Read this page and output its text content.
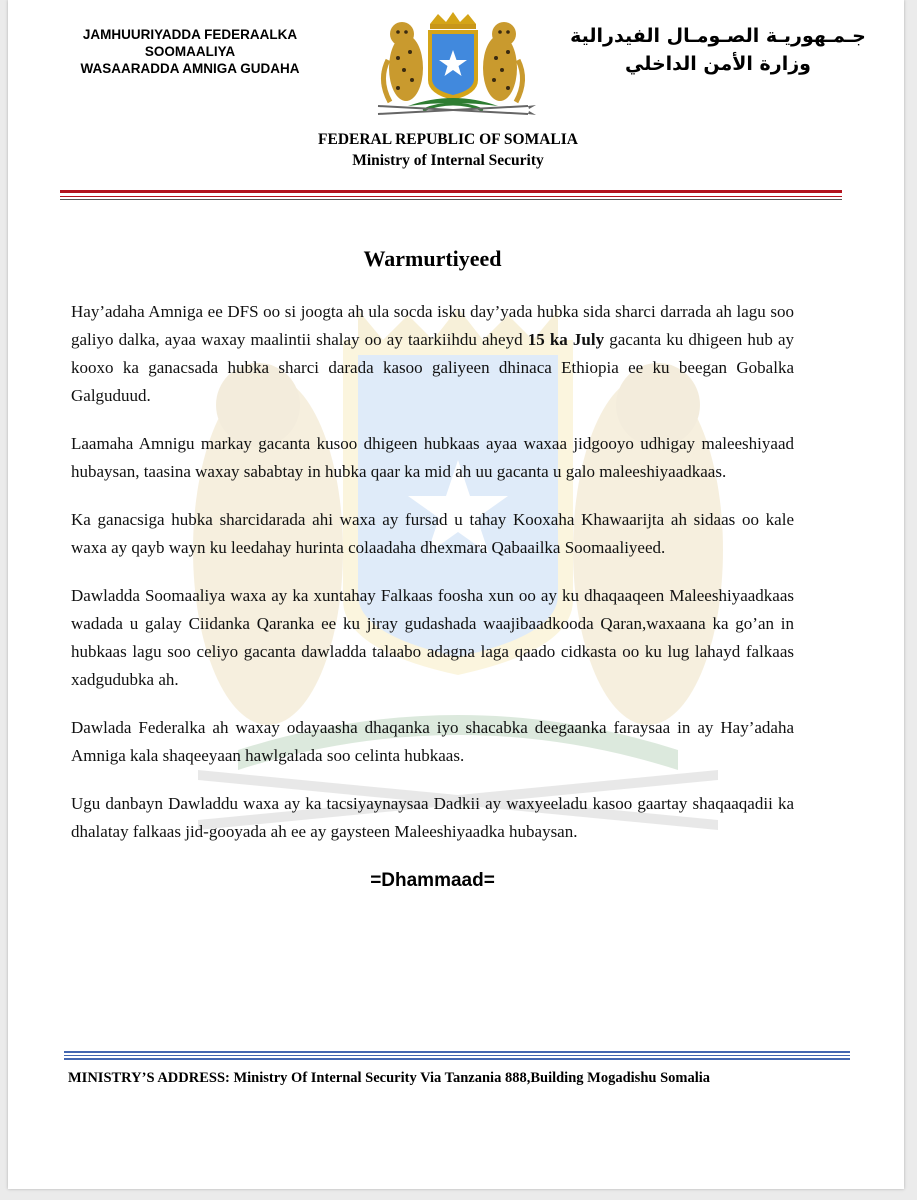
JAMHUURIYADDA FEDERAALKA
SOOMAALIYA
WASAARADDA AMNIGA GUDAHA
جـمـهوريـة الصـومـال الفيدرالية
وزارة الأمن الداخلي
FEDERAL REPUBLIC OF SOMALIA
Ministry of Internal Security
Warmurtiyeed

Hay’adaha Amniga ee DFS oo si joogta ah ula socda isku day’yada hubka sida sharci darrada ah lagu soo galiyo dalka, ayaa waxay maalintii shalay oo ay taarkiihdu aheyd 15 ka July gacanta ku dhigeen hub ay kooxo ka ganacsada hubka sharci darada kasoo galiyeen dhinaca Ethiopia ee ku beegan Gobalka Galguduud.

Laamaha Amnigu markay gacanta kusoo dhigeen hubkaas ayaa waxaa jidgooyo udhigay maleeshiyaad hubaysan, taasina waxay sababtay in hubka qaar ka mid ah uu gacanta u galo maleeshiyaadkaas.

Ka ganacsiga hubka sharcidarada ahi waxa ay fursad u tahay Kooxaha Khawaarijta ah sidaas oo kale waxa ay qayb wayn ku leedahay hurinta colaadaha dhexmara Qabaailka Soomaaliyeed.

Dawladda Soomaaliya waxa ay ka xuntahay Falkaas foosha xun oo ay ku dhaqaaqeen Maleeshiyaadkaas wadada u galay Ciidanka Qaranka ee ku jiray gudashada waajibaadkooda Qaran,waxaana ka go’an in hubkaas lagu soo celiyo gacanta dawladda talaabo adagna laga qaado cidkasta oo ku lug lahayd falkaas xadgudubka ah.

Dawlada Federalka ah waxay odayaasha dhaqanka iyo shacabka deegaanka faraysaa in ay Hay’adaha Amniga kala shaqeeyaan hawlgalada soo celinta hubkaas.

Ugu danbayn Dawladdu waxa ay ka tacsiyaynaysaa Dadkii ay waxyeeladu kasoo gaartay shaqaaqadii ka dhalatay falkaas jid-gooyada ah ee ay gaysteen Maleeshiyaadka hubaysan.

=Dhammaad=
MINISTRY’S ADDRESS: Ministry Of Internal Security Via Tanzania 888,Building Mogadishu Somalia
